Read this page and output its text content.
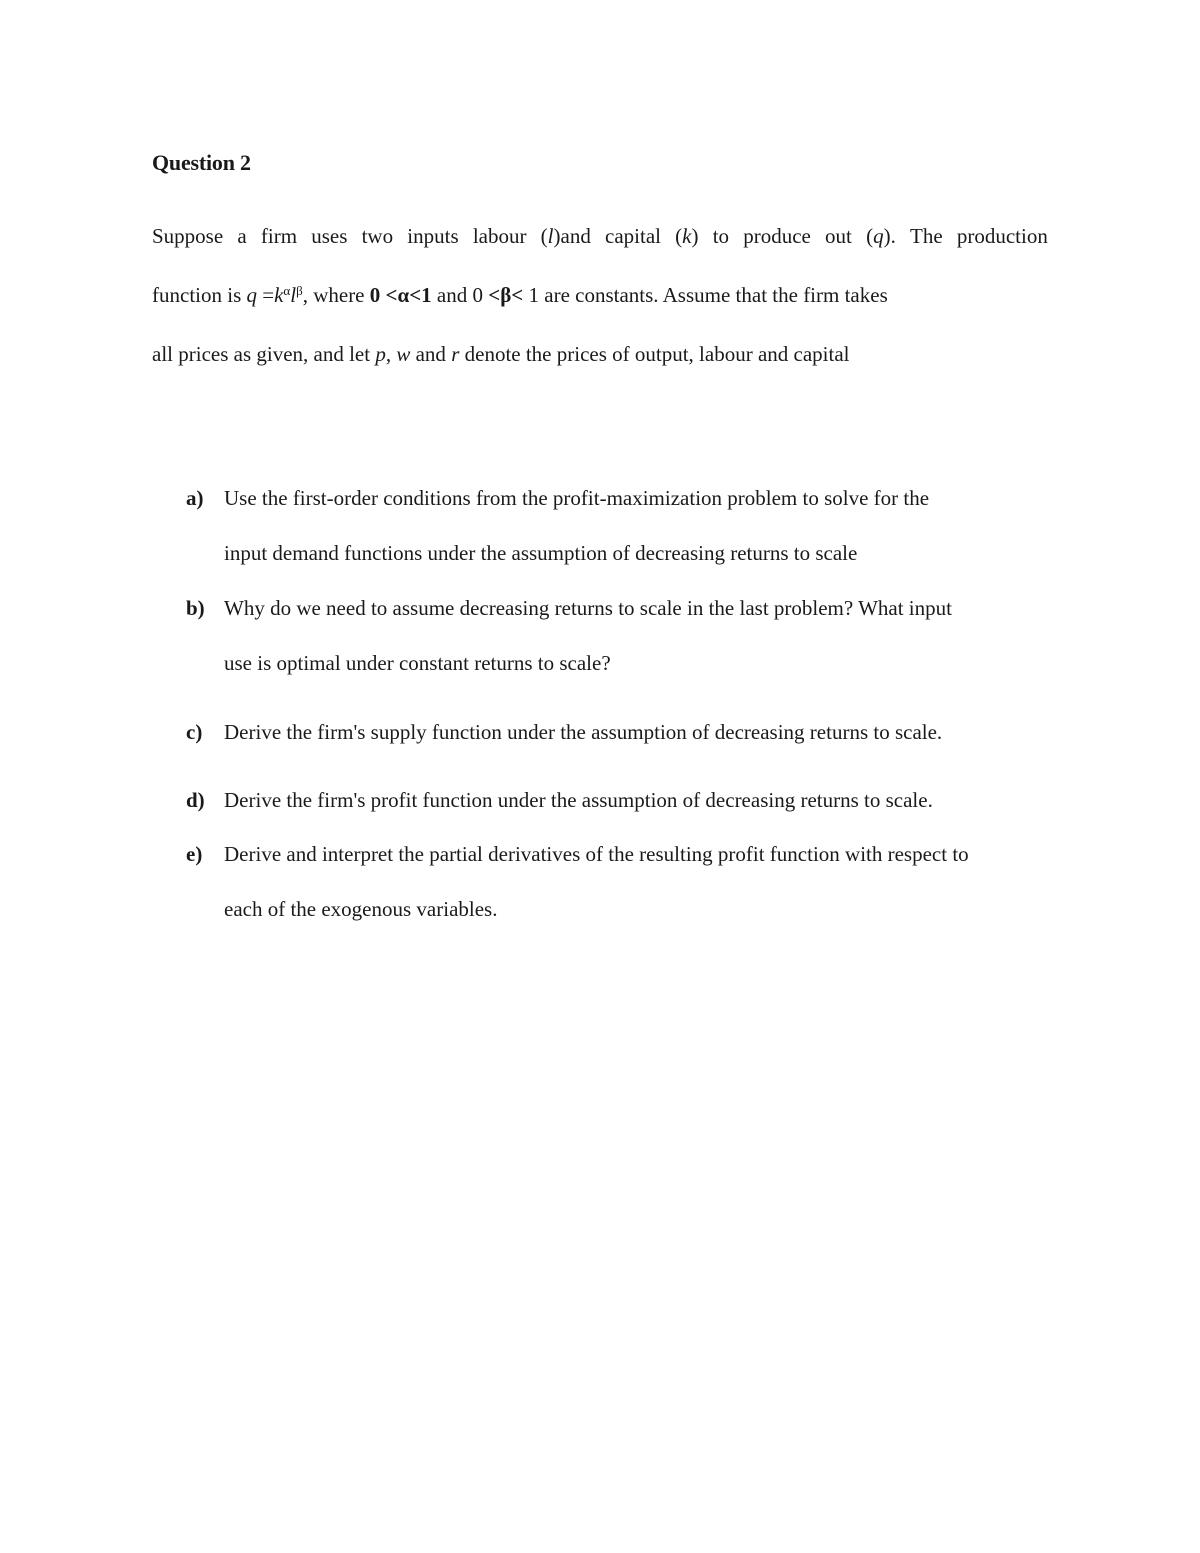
Question 2
Suppose a firm uses two inputs labour (l)and capital (k) to produce out (q). The production
function is $q =k^\alpha l^\beta$, where 0 <α<1 and 0 <β< 1 are constants. Assume that the firm takes
all prices as given, and let p, w and r denote the prices of output, labour and capital
a) Use the first-order conditions from the profit-maximization problem to solve for the
input demand functions under the assumption of decreasing returns to scale
b) Why do we need to assume decreasing returns to scale in the last problem? What input
use is optimal under constant returns to scale?
c) Derive the firm's supply function under the assumption of decreasing returns to scale.
d) Derive the firm's profit function under the assumption of decreasing returns to scale.
e) Derive and interpret the partial derivatives of the resulting profit function with respect to
each of the exogenous variables.
